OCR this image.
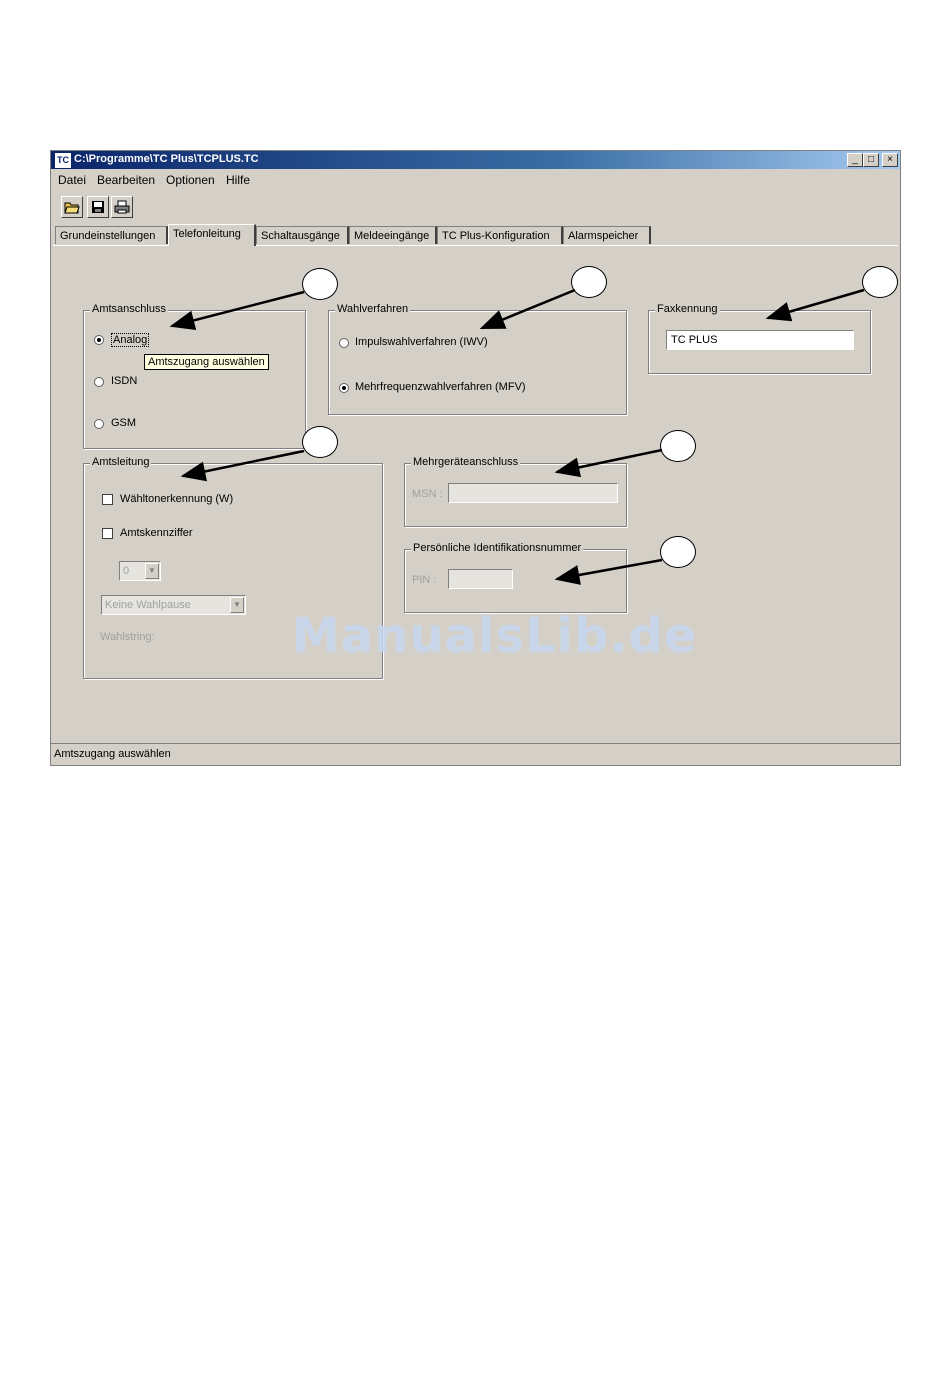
TC C:\Programme\TC Plus\TCPLUS.TC	_	□	×
Datei Bearbeiten Optionen Hilfe
Grundeinstellungen	Telefonleitung	Schaltausgänge	Meldeeingänge	TC Plus-Konfiguration	Alarmspeicher
Amtsanschluss
Analog
ISDN
GSM
Wahlverfahren
Impulswahlverfahren (IWV)
Mehrfrequenzwahlverfahren (MFV)
Faxkennung
TC PLUS
Amtsleitung
Wähltonerkennung (W)
Amtskennziffer
0	▼
Keine Wahlpause	▼
Wahlstring:
Mehrgeräteanschluss
MSN :
Persönliche Identifikationsnummer
PIN :
Amtszugang auswählen
Amtszugang auswählen
ManualsLib.de
